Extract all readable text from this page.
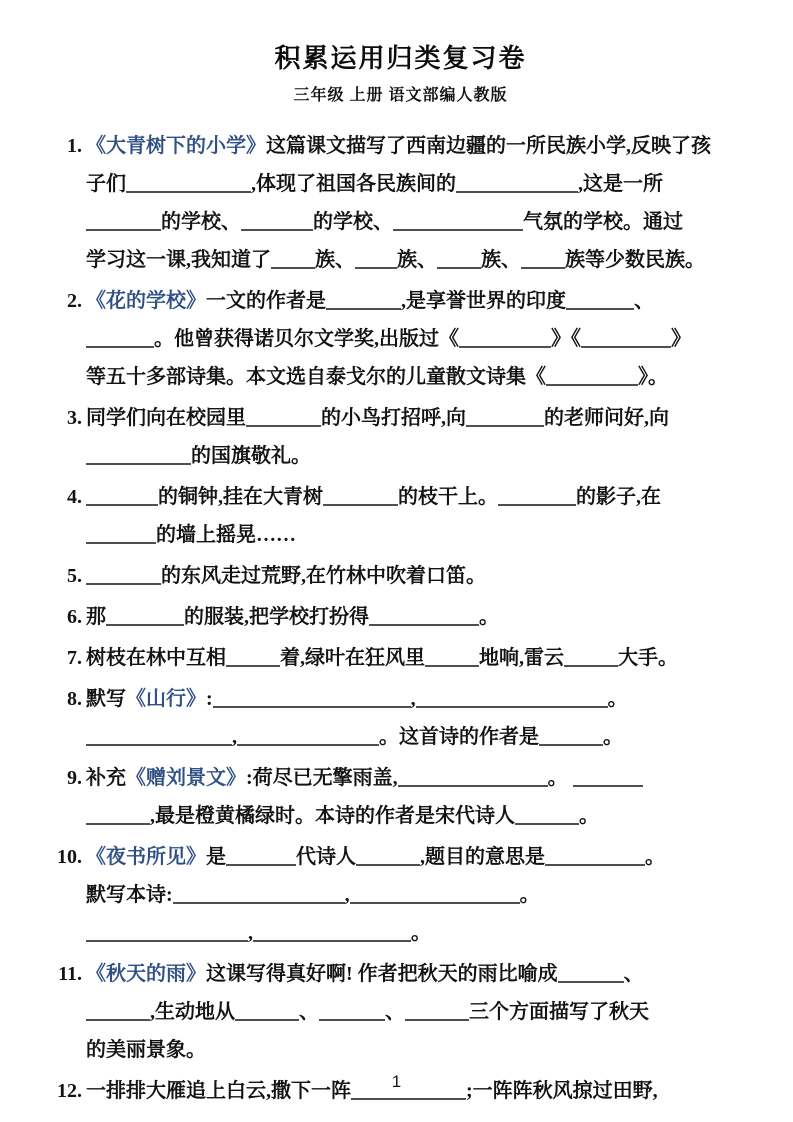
积累运用归类复习卷
三年级 上册 语文部编人教版
1. 《大青树下的小学》这篇课文描写了西南边疆的一所民族小学,反映了孩
子们	,体现了祖国各民族间的	,这是一所
的学校、	的学校、	气氛的学校。通过
学习这一课,我知道了 族、 族、 族、 族等少数民族。
2. 《花的学校》一文的作者是	,是享誉世界的印度	、
。他曾获得诺贝尔文学奖,出版过《	》《	》
等五十多部诗集。本文选自泰戈尔的儿童散文诗集《	》。
3. 同学们向在校园里	的小鸟打招呼,向	的老师问好,向
的国旗敬礼。
4.	的铜钟,挂在大青树	的枝干上。	的影子,在
的墙上摇晃……
5.	的东风走过荒野,在竹林中吹着口笛。
6. 那	的服装,把学校打扮得	。
7. 树枝在林中互相	着,绿叶在狂风里	地响,雷云	大手。
8. 默写《山行》:	,	。
,	。这首诗的作者是	。
9. 补充《赠刘景文》:荷尽已无擎雨盖,	。
,最是橙黄橘绿时。本诗的作者是宋代诗人	。
10. 《夜书所见》是	代诗人	,题目的意思是	。
默写本诗:	,	。
,	。
11. 《秋天的雨》这课写得真好啊! 作者把秋天的雨比喻成	、
,生动地从	、	、	三个方面描写了秋天
的美丽景象。
12. 一排排大雁追上白云,撒下一阵	;一阵阵秋风掠过田野,
1
